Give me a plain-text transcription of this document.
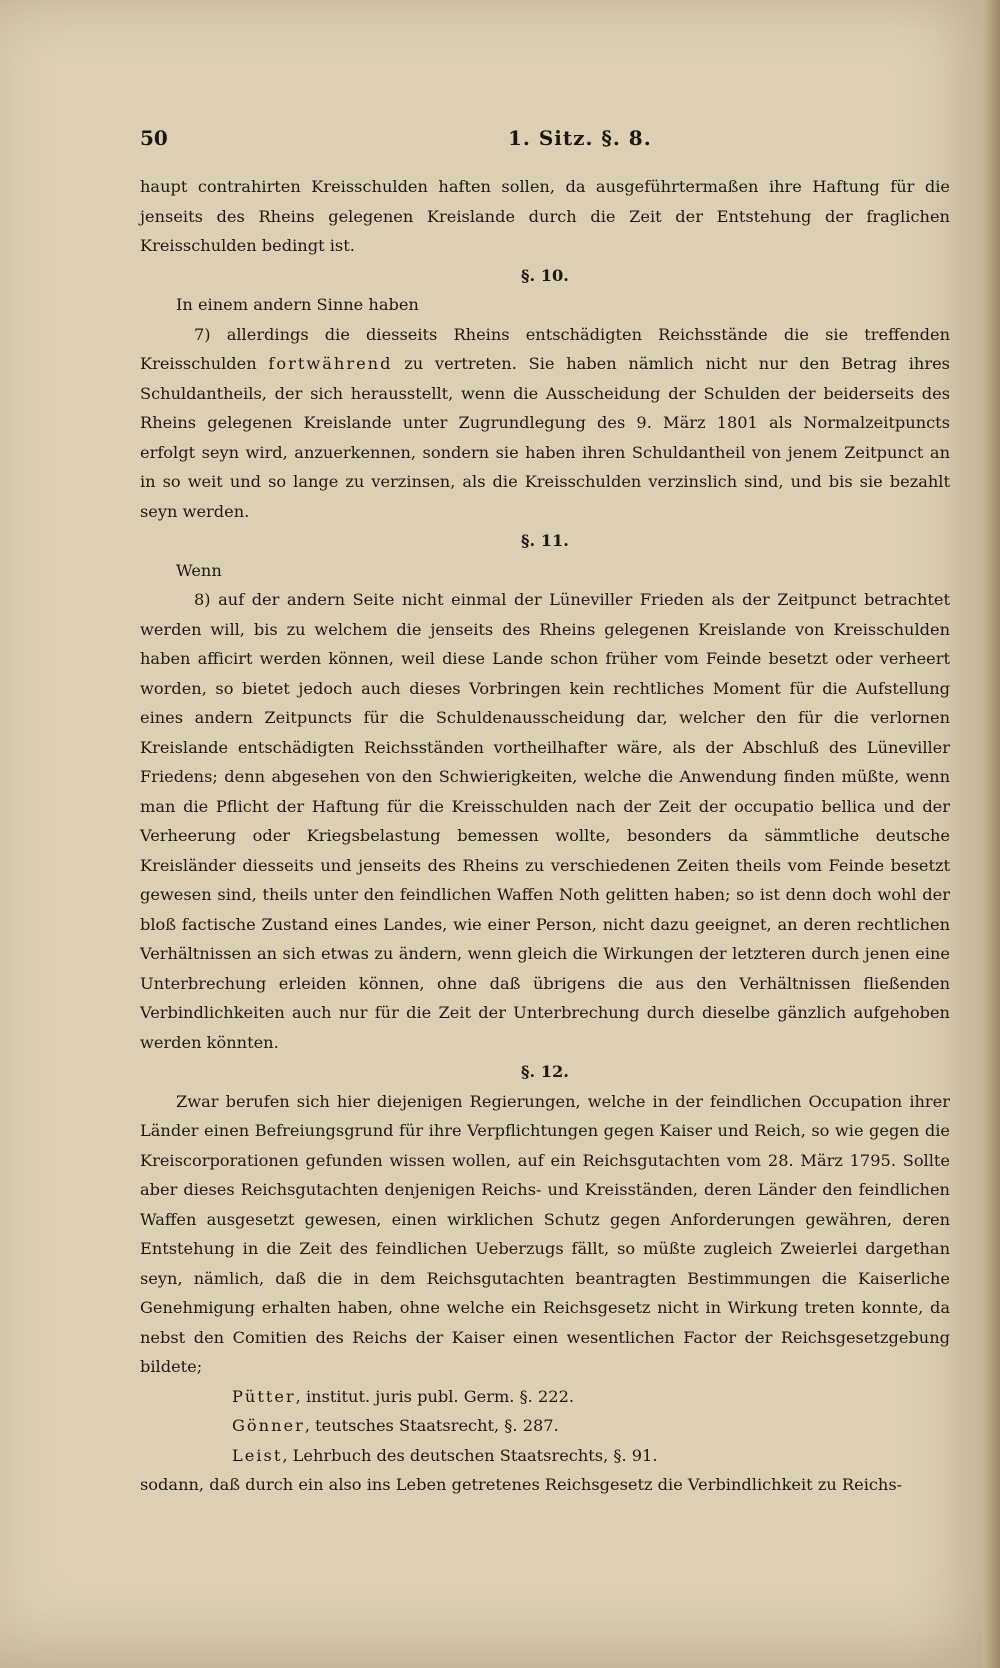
50	1. Sitz. §. 8.

haupt contrahirten Kreisschulden haften sollen, da ausgeführtermaßen ihre Haftung für die jenseits des Rheins gelegenen Kreislande durch die Zeit der Entstehung der fraglichen Kreisschulden bedingt ist.

§. 10.

In einem andern Sinne haben

7) allerdings die diesseits Rheins entschädigten Reichsstände die sie treffenden Kreisschulden fortwährend zu vertreten. Sie haben nämlich nicht nur den Betrag ihres Schuldantheils, der sich herausstellt, wenn die Ausscheidung der Schulden der beiderseits des Rheins gelegenen Kreislande unter Zugrundlegung des 9. März 1801 als Normalzeitpuncts erfolgt seyn wird, anzuerkennen, sondern sie haben ihren Schuldantheil von jenem Zeitpunct an in so weit und so lange zu verzinsen, als die Kreisschulden verzinslich sind, und bis sie bezahlt seyn werden.

§. 11.

Wenn

8) auf der andern Seite nicht einmal der Lüneviller Frieden als der Zeitpunct betrachtet werden will, bis zu welchem die jenseits des Rheins gelegenen Kreislande von Kreisschulden haben afficirt werden können, weil diese Lande schon früher vom Feinde besetzt oder verheert worden, so bietet jedoch auch dieses Vorbringen kein rechtliches Moment für die Aufstellung eines andern Zeitpuncts für die Schuldenausscheidung dar, welcher den für die verlornen Kreislande entschädigten Reichsständen vortheilhafter wäre, als der Abschluß des Lüneviller Friedens; denn abgesehen von den Schwierigkeiten, welche die Anwendung finden müßte, wenn man die Pflicht der Haftung für die Kreisschulden nach der Zeit der occupatio bellica und der Verheerung oder Kriegsbelastung bemessen wollte, besonders da sämmtliche deutsche Kreisländer diesseits und jenseits des Rheins zu verschiedenen Zeiten theils vom Feinde besetzt gewesen sind, theils unter den feindlichen Waffen Noth gelitten haben; so ist denn doch wohl der bloß factische Zustand eines Landes, wie einer Person, nicht dazu geeignet, an deren rechtlichen Verhältnissen an sich etwas zu ändern, wenn gleich die Wirkungen der letzteren durch jenen eine Unterbrechung erleiden können, ohne daß übrigens die aus den Verhältnissen fließenden Verbindlichkeiten auch nur für die Zeit der Unterbrechung durch dieselbe gänzlich aufgehoben werden könnten.

§. 12.

Zwar berufen sich hier diejenigen Regierungen, welche in der feindlichen Occupation ihrer Länder einen Befreiungsgrund für ihre Verpflichtungen gegen Kaiser und Reich, so wie gegen die Kreiscorporationen gefunden wissen wollen, auf ein Reichsgutachten vom 28. März 1795. Sollte aber dieses Reichsgutachten denjenigen Reichs- und Kreisständen, deren Länder den feindlichen Waffen ausgesetzt gewesen, einen wirklichen Schutz gegen Anforderungen gewähren, deren Entstehung in die Zeit des feindlichen Ueberzugs fällt, so müßte zugleich Zweierlei dargethan seyn, nämlich, daß die in dem Reichsgutachten beantragten Bestimmungen die Kaiserliche Genehmigung erhalten haben, ohne welche ein Reichsgesetz nicht in Wirkung treten konnte, da nebst den Comitien des Reichs der Kaiser einen wesentlichen Factor der Reichsgesetzgebung bildete;

Pütter, institut. juris publ. Germ. §. 222.

Gönner, teutsches Staatsrecht, §. 287.

Leist, Lehrbuch des deutschen Staatsrechts, §. 91.

sodann, daß durch ein also ins Leben getretenes Reichsgesetz die Verbindlichkeit zu Reichs-
